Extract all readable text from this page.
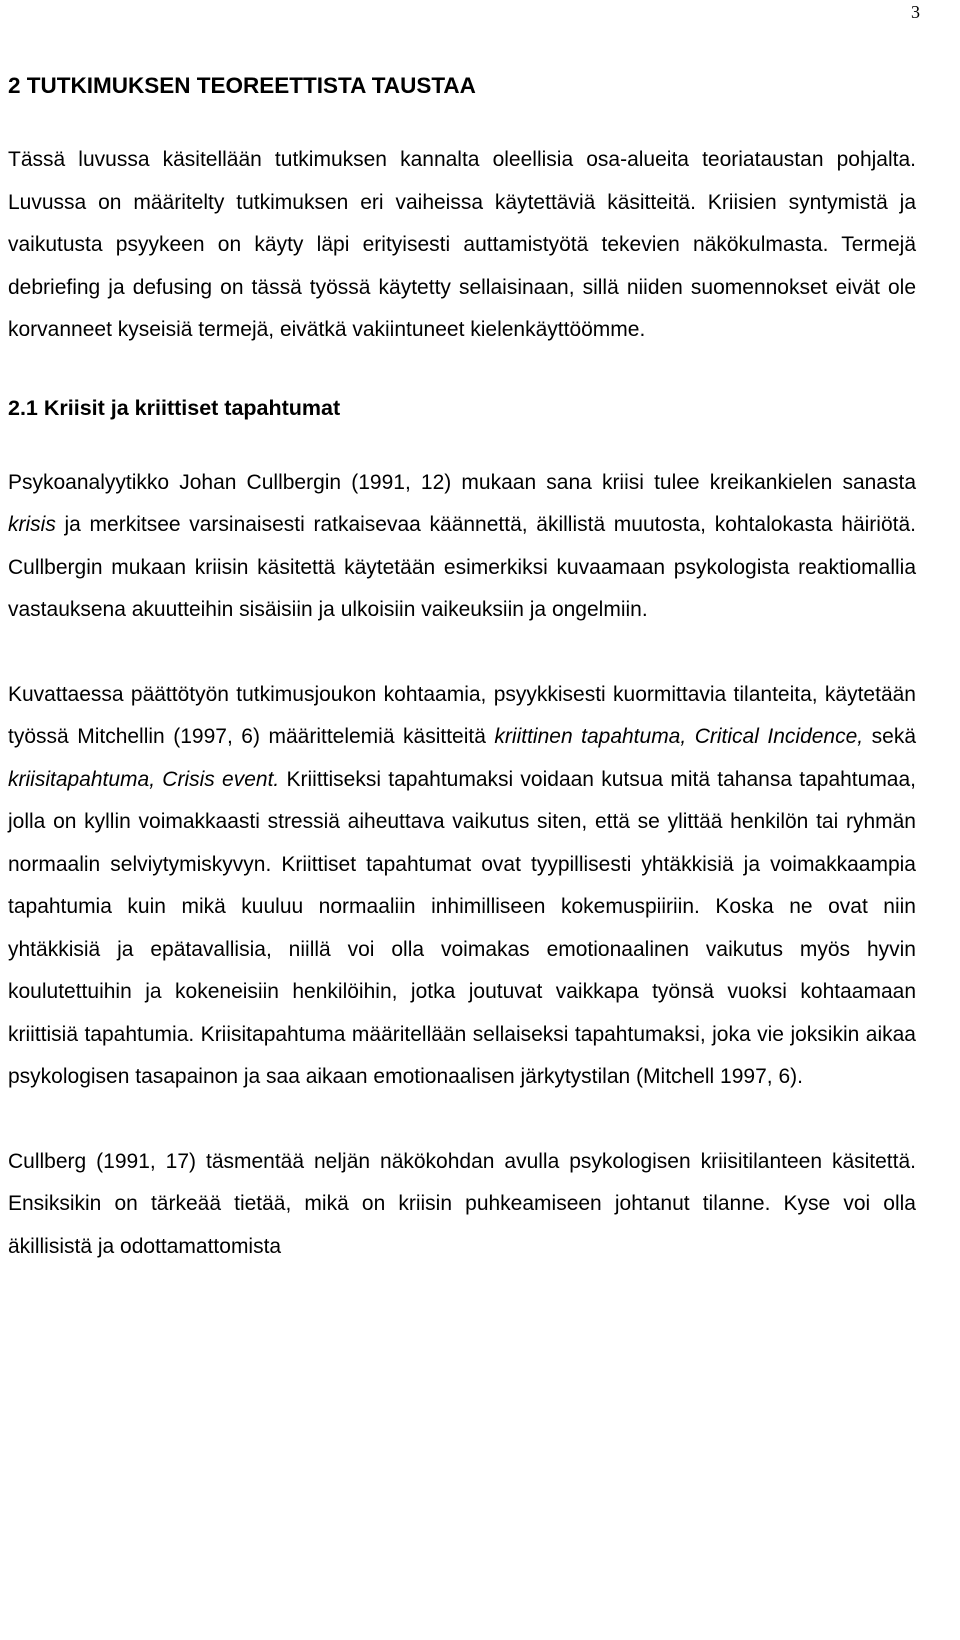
3
2 TUTKIMUKSEN TEOREETTISTA TAUSTAA

Tässä luvussa käsitellään tutkimuksen kannalta oleellisia osa-alueita teoriataustan pohjalta. Luvussa on määritelty tutkimuksen eri vaiheissa käytettäviä käsitteitä. Kriisien syntymistä ja vaikutusta psyykeen on käyty läpi erityisesti auttamistyötä tekevien näkökulmasta. Termejä debriefing ja defusing on tässä työssä käytetty sellaisinaan, sillä niiden suomennokset eivät ole korvanneet kyseisiä termejä, eivätkä vakiintuneet kielenkäyttöömme.

2.1 Kriisit ja kriittiset tapahtumat

Psykoanalyytikko Johan Cullbergin (1991, 12) mukaan sana kriisi tulee kreikankielen sanasta krisis ja merkitsee varsinaisesti ratkaisevaa käännettä, äkillistä muutosta, kohtalokasta häiriötä. Cullbergin mukaan kriisin käsitettä käytetään esimerkiksi kuvaamaan psykologista reaktiomallia vastauksena akuutteihin sisäisiin ja ulkoisiin vaikeuksiin ja ongelmiin.

Kuvattaessa päättötyön tutkimusjoukon kohtaamia, psyykkisesti kuormittavia tilanteita, käytetään työssä Mitchellin (1997, 6) määrittelemiä käsitteitä kriittinen tapahtuma, Critical Incidence, sekä kriisitapahtuma, Crisis event. Kriittiseksi tapahtumaksi voidaan kutsua mitä tahansa tapahtumaa, jolla on kyllin voimakkaasti stressiä aiheuttava vaikutus siten, että se ylittää henkilön tai ryhmän normaalin selviytymiskyvyn. Kriittiset tapahtumat ovat tyypillisesti yhtäkkisiä ja voimakkaampia tapahtumia kuin mikä kuuluu normaaliin inhimilliseen kokemuspiiriin. Koska ne ovat niin yhtäkkisiä ja epätavallisia, niillä voi olla voimakas emotionaalinen vaikutus myös hyvin koulutettuihin ja kokeneisiin henkilöihin, jotka joutuvat vaikkapa työnsä vuoksi kohtaamaan kriittisiä tapahtumia. Kriisitapahtuma määritellään sellaiseksi tapahtumaksi, joka vie joksikin aikaa psykologisen tasapainon ja saa aikaan emotionaalisen järkytystilan (Mitchell 1997, 6).

Cullberg (1991, 17) täsmentää neljän näkökohdan avulla psykologisen kriisitilanteen käsitettä. Ensiksikin on tärkeää tietää, mikä on kriisin puhkeamiseen johtanut tilanne. Kyse voi olla äkillisistä ja odottamattomista
